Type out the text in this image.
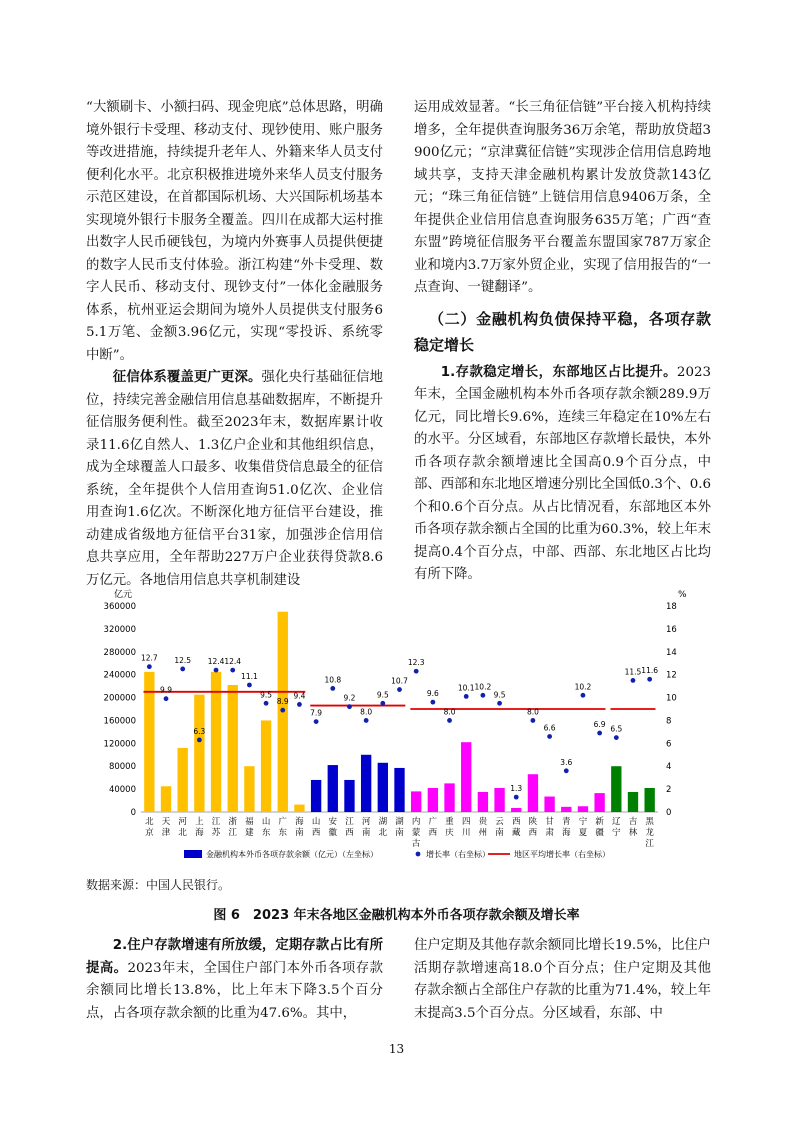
“大额刷卡、小额扫码、现金兜底”总体思路，明确境外银行卡受理、移动支付、现钞使用、账户服务等改进措施，持续提升老年人、外籍来华人员支付便利化水平。北京积极推进境外来华人员支付服务示范区建设，在首都国际机场、大兴国际机场基本实现境外银行卡服务全覆盖。四川在成都大运村推出数字人民币硬钱包，为境内外赛事人员提供便捷的数字人民币支付体验。浙江构建“外卡受理、数字人民币、移动支付、现钞支付”一体化金融服务体系，杭州亚运会期间为境外人员提供支付服务65.1万笔、金额3.96亿元，实现“零投诉、系统零中断”。

征信体系覆盖更广更深。强化央行基础征信地位，持续完善金融信用信息基础数据库，不断提升征信服务便利性。截至2023年末，数据库累计收录11.6亿自然人、1.3亿户企业和其他组织信息，成为全球覆盖人口最多、收集借贷信息最全的征信系统，全年提供个人信用查询51.0亿次、企业信用查询1.6亿次。不断深化地方征信平台建设，推动建成省级地方征信平台31家，加强涉企信用信息共享应用，全年帮助227万户企业获得贷款8.6万亿元。各地信用信息共享机制建设

运用成效显著。“长三角征信链”平台接入机构持续增多，全年提供查询服务36万余笔，帮助放贷超3900亿元；“京津冀征信链”实现涉企信用信息跨地域共享，支持天津金融机构累计发放贷款143亿元；“珠三角征信链”上链信用信息9406万条，全年提供企业信用信息查询服务635万笔；广西“查东盟”跨境征信服务平台覆盖东盟国家787万家企业和境内3.7万家外贸企业，实现了信用报告的“一点查询、一键翻译”。

（二）金融机构负债保持平稳，各项存款稳定增长

1.存款稳定增长，东部地区占比提升。2023年末，全国金融机构本外币各项存款余额289.9万亿元，同比增长9.6%，连续三年稳定在10%左右的水平。分区域看，东部地区存款增长最快，本外币各项存款余额增速比全国高0.9个百分点，中部、西部和东北地区增速分别比全国低0.3个、0.6个和0.6个百分点。从占比情况看，东部地区本外币各项存款余额占全国的比重为60.3%，较上年末提高0.4个百分点，中部、西部、东北地区占比均有所下降。

亿元	%
0
40000
80000
120000
160000
200000
240000
280000
320000
360000
0
2
4
6
8
10
12
14
16
18
12.7
9.9
12.5
6.3
12.4 12.4
11.1
9.5
8.9
9.4
7.9
10.8
9.2
8.0
9.5
10.7
12.3
9.6
8.0
10.1 10.2
9.5
1.3
8.0
6.6
3.6
10.2
6.9
6.5
11.5 11.6
北京
天津
河北
上海
江苏
浙江
福建
山东
广东
海南
山西
安徽
江西
河南
湖北
湖南
内蒙古
广西
重庆
四川
贵州
云南
西藏
陕西
甘肃
青海
宁夏
新疆
辽宁
吉林
黑龙江
金融机构本外币各项存款余额（亿元）（左坐标）	增长率（右坐标）	地区平均增长率（右坐标）
数据来源：中国人民银行。
图 6　2023 年末各地区金融机构本外币各项存款余额及增长率

2.住户存款增速有所放缓，定期存款占比有所提高。2023年末，全国住户部门本外币各项存款余额同比增长13.8%，比上年末下降3.5个百分点，占各项存款余额的比重为47.6%。其中，

住户定期及其他存款余额同比增长19.5%，比住户活期存款增速高18.0个百分点；住户定期及其他存款余额占全部住户存款的比重为71.4%，较上年末提高3.5个百分点。分区域看，东部、中

13
